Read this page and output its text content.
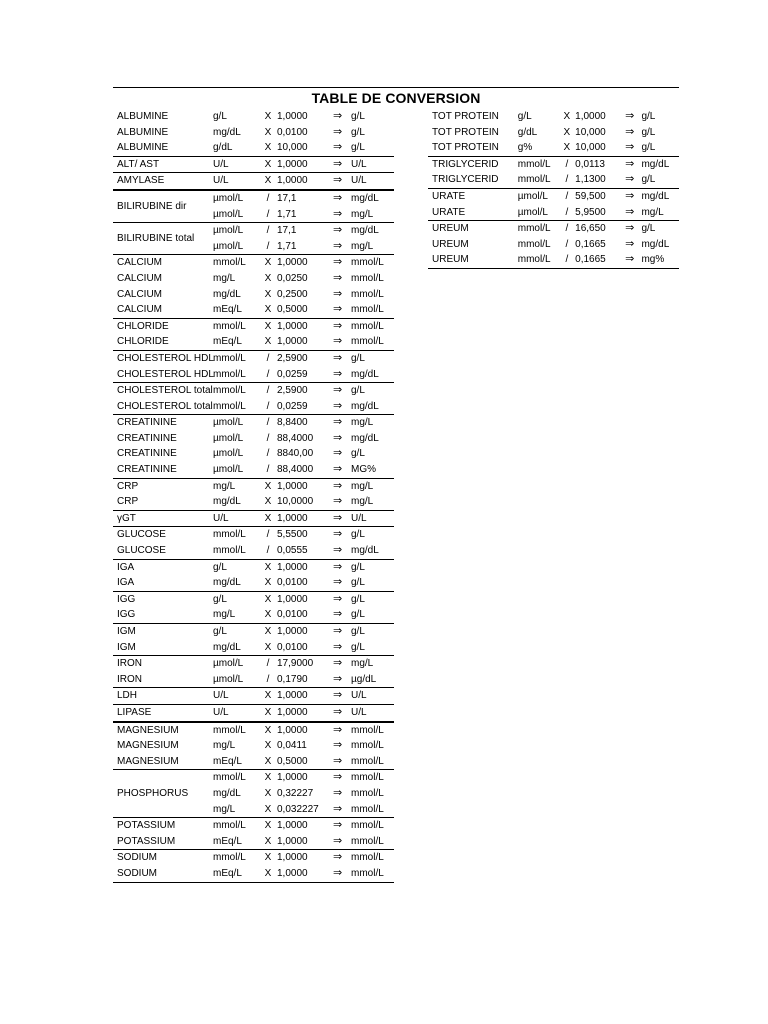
TABLE DE CONVERSION
ALBUMINE	g/L	X 1,0000	⇒ g/L
ALBUMINE	mg/dL	X 0,0100	⇒ g/L
ALBUMINE	g/dL	X 10,000	⇒ g/L
ALT/ AST	U/L	X 1,0000	⇒ U/L
AMYLASE	U/L	X 1,0000	⇒ U/L
BILIRUBINE dir
µmol/L	/ 17,1	⇒ mg/dL
µmol/L	/ 1,71	⇒ mg/L
BILIRUBINE total
µmol/L	/ 17,1	⇒ mg/dL
µmol/L	/ 1,71	⇒ mg/L
CALCIUM	mmol/L	X 1,0000	⇒ mmol/L
CALCIUM	mg/L	X 0,0250	⇒ mmol/L
CALCIUM	mg/dL	X 0,2500	⇒ mmol/L
CALCIUM	mEq/L	X 0,5000	⇒ mmol/L
CHLORIDE	mmol/L	X 1,0000	⇒ mmol/L
CHLORIDE	mEq/L	X 1,0000	⇒ mmol/L
CHOLESTEROL HDL mmol/L	/ 2,5900	⇒ g/L
CHOLESTEROL HDL mmol/L	/ 0,0259	⇒ mg/dL
CHOLESTEROL total mmol/L	/ 2,5900	⇒ g/L
CHOLESTEROL total mmol/L	/ 0,0259	⇒ mg/dL
CREATININE	µmol/L	/ 8,8400	⇒ mg/L
CREATININE	µmol/L	/ 88,4000	⇒ mg/dL
CREATININE	µmol/L	/ 8840,00	⇒ g/L
CREATININE	µmol/L	/ 88,4000	⇒ MG%
CRP	mg/L	X 1,0000	⇒ mg/L
CRP	mg/dL	X 10,0000	⇒ mg/L
γGT	U/L	X 1,0000	⇒ U/L
GLUCOSE	mmol/L	/ 5,5500	⇒ g/L
GLUCOSE	mmol/L	/ 0,0555	⇒ mg/dL
IGA	g/L	X 1,0000	⇒ g/L
IGA	mg/dL	X 0,0100	⇒ g/L
IGG	g/L	X 1,0000	⇒ g/L
IGG	mg/L	X 0,0100	⇒ g/L
IGM	g/L	X 1,0000	⇒ g/L
IGM	mg/dL	X 0,0100	⇒ g/L
IRON	µmol/L	/ 17,9000	⇒ mg/L
IRON	µmol/L	/ 0,1790	⇒ µg/dL
LDH	U/L	X 1,0000	⇒ U/L
LIPASE	U/L	X 1,0000	⇒ U/L
MAGNESIUM	mmol/L	X 1,0000	⇒ mmol/L
MAGNESIUM	mg/L	X 0,0411	⇒ mmol/L
MAGNESIUM	mEq/L	X 0,5000	⇒ mmol/L
PHOSPHORUS
mmol/L	X 1,0000	⇒ mmol/L
mg/dL	X 0,32227	⇒ mmol/L
mg/L	X 0,032227	⇒ mmol/L
POTASSIUM	mmol/L	X 1,0000	⇒ mmol/L
POTASSIUM	mEq/L	X 1,0000	⇒ mmol/L
SODIUM	mmol/L	X 1,0000	⇒ mmol/L
SODIUM	mEq/L	X 1,0000	⇒ mmol/L
TOT PROTEIN	g/L	X 1,0000	⇒ g/L
TOT PROTEIN	g/dL	X 10,000	⇒ g/L
TOT PROTEIN	g%	X 10,000	⇒ g/L
TRIGLYCERID	mmol/L	/ 0,0113	⇒ mg/dL
TRIGLYCERID	mmol/L	/ 1,1300	⇒ g/L
URATE	µmol/L	/ 59,500	⇒ mg/dL
URATE	µmol/L	/ 5,9500	⇒ mg/L
UREUM	mmol/L	/ 16,650	⇒ g/L
UREUM	mmol/L	/ 0,1665	⇒ mg/dL
UREUM	mmol/L	/ 0,1665	⇒ mg%
